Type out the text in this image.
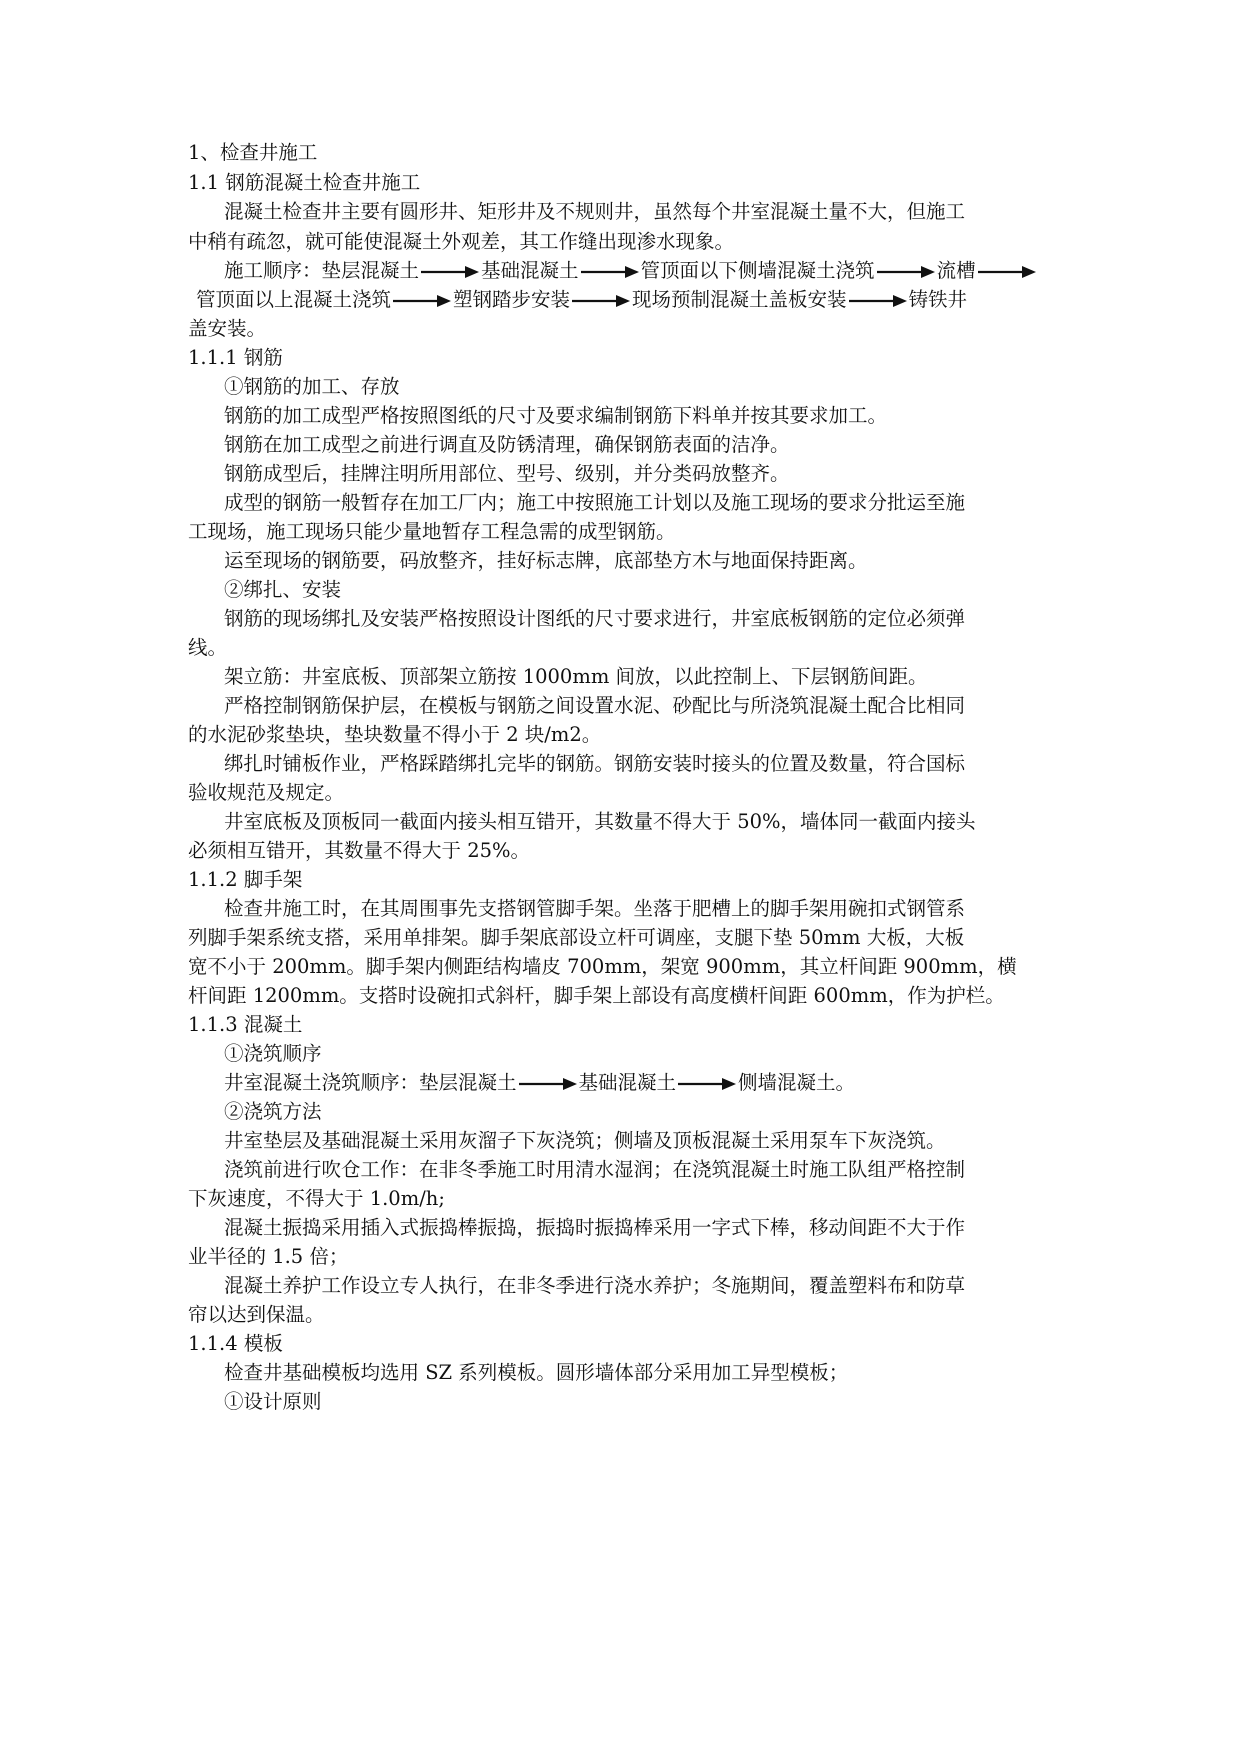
1、检查井施工
1.1 钢筋混凝土检查井施工
混凝土检查井主要有圆形井、矩形井及不规则井，虽然每个井室混凝土量不大，但施工
中稍有疏忽，就可能使混凝土外观差，其工作缝出现渗水现象。
施工顺序：垫层混凝土	基础混凝土	管顶面以下侧墙混凝土浇筑	流槽
管顶面以上混凝土浇筑	塑钢踏步安装	现场预制混凝土盖板安装	铸铁井
盖安装。
1.1.1 钢筋
①钢筋的加工、存放
钢筋的加工成型严格按照图纸的尺寸及要求编制钢筋下料单并按其要求加工。
钢筋在加工成型之前进行调直及防锈清理，确保钢筋表面的洁净。
钢筋成型后，挂牌注明所用部位、型号、级别，并分类码放整齐。
成型的钢筋一般暂存在加工厂内；施工中按照施工计划以及施工现场的要求分批运至施
工现场，施工现场只能少量地暂存工程急需的成型钢筋。
运至现场的钢筋要，码放整齐，挂好标志牌，底部垫方木与地面保持距离。
②绑扎、安装
钢筋的现场绑扎及安装严格按照设计图纸的尺寸要求进行，井室底板钢筋的定位必须弹
线。
架立筋：井室底板、顶部架立筋按 1000mm 间放，以此控制上、下层钢筋间距。
严格控制钢筋保护层，在模板与钢筋之间设置水泥、砂配比与所浇筑混凝土配合比相同
的水泥砂浆垫块，垫块数量不得小于 2 块/m2。
绑扎时铺板作业，严格踩踏绑扎完毕的钢筋。钢筋安装时接头的位置及数量，符合国标
验收规范及规定。
井室底板及顶板同一截面内接头相互错开，其数量不得大于 50%，墙体同一截面内接头
必须相互错开，其数量不得大于 25%。
1.1.2 脚手架
检查井施工时，在其周围事先支搭钢管脚手架。坐落于肥槽上的脚手架用碗扣式钢管系
列脚手架系统支搭，采用单排架。脚手架底部设立杆可调座，支腿下垫 50mm 大板，大板
宽不小于 200mm。脚手架内侧距结构墙皮 700mm，架宽 900mm，其立杆间距 900mm，横
杆间距 1200mm。支搭时设碗扣式斜杆，脚手架上部设有高度横杆间距 600mm，作为护栏。
1.1.3 混凝土
①浇筑顺序
井室混凝土浇筑顺序：垫层混凝土	基础混凝土	侧墙混凝土。
②浇筑方法
井室垫层及基础混凝土采用灰溜子下灰浇筑；侧墙及顶板混凝土采用泵车下灰浇筑。
浇筑前进行吹仓工作：在非冬季施工时用清水湿润；在浇筑混凝土时施工队组严格控制
下灰速度，不得大于 1.0m/h;
混凝土振捣采用插入式振捣棒振捣，振捣时振捣棒采用一字式下棒，移动间距不大于作
业半径的 1.5 倍；
混凝土养护工作设立专人执行，在非冬季进行浇水养护；冬施期间，覆盖塑料布和防草
帘以达到保温。
1.1.4 模板
检查井基础模板均选用 SZ 系列模板。圆形墙体部分采用加工异型模板；
①设计原则
